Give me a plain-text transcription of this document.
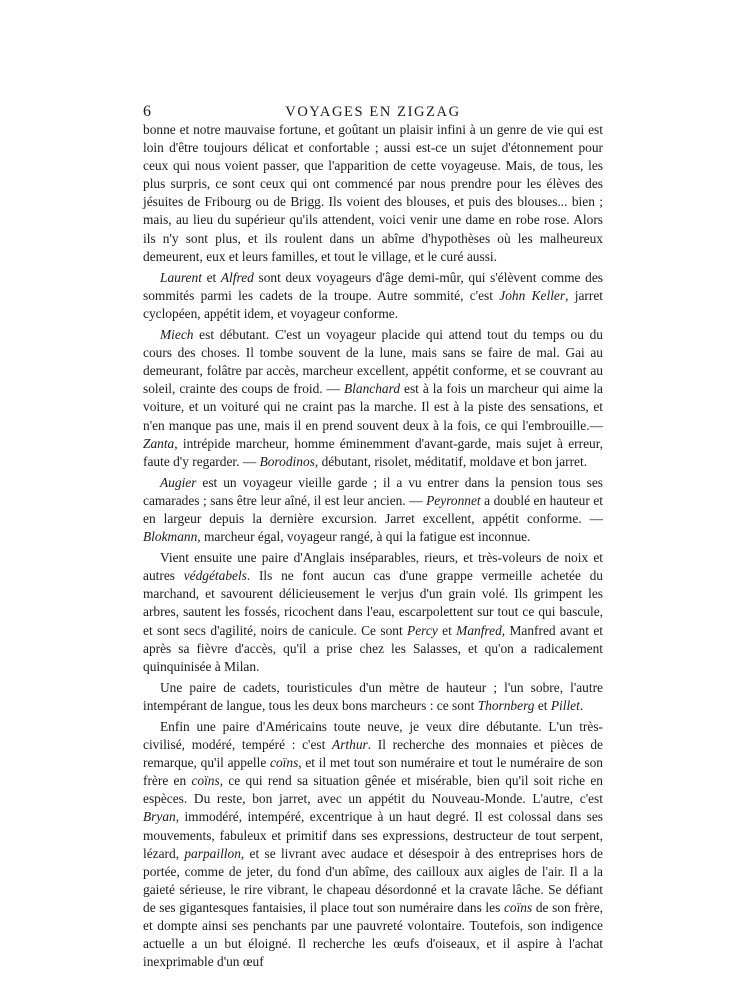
6	VOYAGES EN ZIGZAG

bonne et notre mauvaise fortune, et goûtant un plaisir infini à un genre de vie qui est loin d'être toujours délicat et confortable ; aussi est-ce un sujet d'étonnement pour ceux qui nous voient passer, que l'apparition de cette voyageuse. Mais, de tous, les plus surpris, ce sont ceux qui ont commencé par nous prendre pour les élèves des jésuites de Fribourg ou de Brigg. Ils voient des blouses, et puis des blouses... bien ; mais, au lieu du supérieur qu'ils attendent, voici venir une dame en robe rose. Alors ils n'y sont plus, et ils roulent dans un abîme d'hypothèses où les malheureux demeurent, eux et leurs familles, et tout le village, et le curé aussi.

Laurent et Alfred sont deux voyageurs d'âge demi-mûr, qui s'élèvent comme des sommités parmi les cadets de la troupe. Autre sommité, c'est John Keller, jarret cyclopéen, appétit idem, et voyageur conforme.

Miech est débutant. C'est un voyageur placide qui attend tout du temps ou du cours des choses. Il tombe souvent de la lune, mais sans se faire de mal. Gai au demeurant, folâtre par accès, marcheur excellent, appétit conforme, et se couvrant au soleil, crainte des coups de froid. — Blanchard est à la fois un marcheur qui aime la voiture, et un voituré qui ne craint pas la marche. Il est à la piste des sensations, et n'en manque pas une, mais il en prend souvent deux à la fois, ce qui l'embrouille.— Zanta, intrépide marcheur, homme éminemment d'avant-garde, mais sujet à erreur, faute d'y regarder. — Borodinos, débutant, risolet, méditatif, moldave et bon jarret.

Augier est un voyageur vieille garde ; il a vu entrer dans la pension tous ses camarades ; sans être leur aîné, il est leur ancien. — Peyronnet a doublé en hauteur et en largeur depuis la dernière excursion. Jarret excellent, appétit conforme. — Blokmann, marcheur égal, voyageur rangé, à qui la fatigue est inconnue.

Vient ensuite une paire d'Anglais inséparables, rieurs, et très-voleurs de noix et autres védgétabels. Ils ne font aucun cas d'une grappe vermeille achetée du marchand, et savourent délicieusement le verjus d'un grain volé. Ils grimpent les arbres, sautent les fossés, ricochent dans l'eau, escarpolettent sur tout ce qui bascule, et sont secs d'agilité, noirs de canicule. Ce sont Percy et Manfred, Manfred avant et après sa fièvre d'accès, qu'il a prise chez les Salasses, et qu'on a radicalement quinquinisée à Milan.

Une paire de cadets, touristicules d'un mètre de hauteur ; l'un sobre, l'autre intempérant de langue, tous les deux bons marcheurs : ce sont Thornberg et Pillet.

Enfin une paire d'Américains toute neuve, je veux dire débutante. L'un très-civilisé, modéré, tempéré : c'est Arthur. Il recherche des monnaies et pièces de remarque, qu'il appelle coïns, et il met tout son numéraire et tout le numéraire de son frère en coïns, ce qui rend sa situation gênée et misérable, bien qu'il soit riche en espèces. Du reste, bon jarret, avec un appétit du Nouveau-Monde. L'autre, c'est Bryan, immodéré, intempéré, excentrique à un haut degré. Il est colossal dans ses mouvements, fabuleux et primitif dans ses expressions, destructeur de tout serpent, lézard, parpaillon, et se livrant avec audace et désespoir à des entreprises hors de portée, comme de jeter, du fond d'un abîme, des cailloux aux aigles de l'air. Il a la gaieté sérieuse, le rire vibrant, le chapeau désordonné et la cravate lâche. Se défiant de ses gigantesques fantaisies, il place tout son numéraire dans les coïns de son frère, et dompte ainsi ses penchants par une pauvreté volontaire. Toutefois, son indigence actuelle a un but éloigné. Il recherche les œufs d'oiseaux, et il aspire à l'achat inexprimable d'un œuf
